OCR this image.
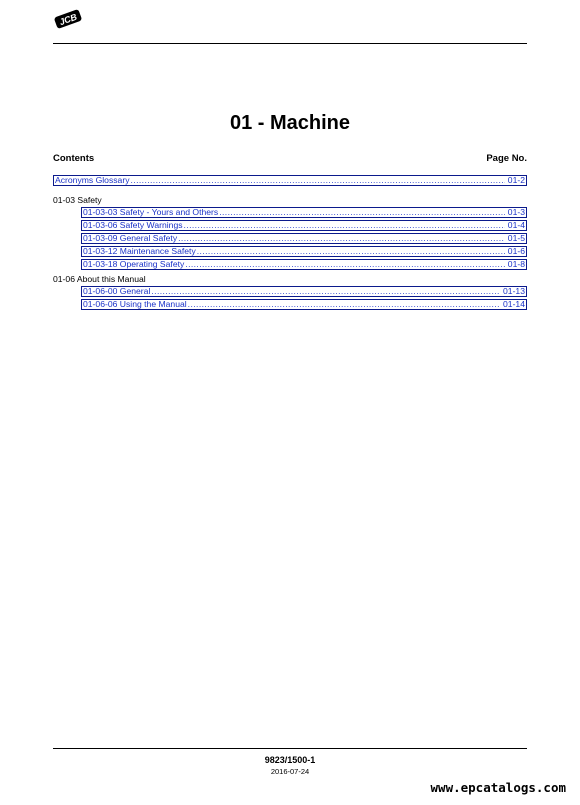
JCB
01 - Machine
Contents	Page No.
Acronyms Glossary .....	01-2
01-03 Safety
01-03-03 Safety - Yours and Others .....	01-3
01-03-06 Safety Warnings .....	01-4
01-03-09 General Safety .....	01-5
01-03-12 Maintenance Safety .....	01-6
01-03-18 Operating Safety .....	01-8
01-06 About this Manual
01-06-00 General .....	01-13
01-06-06 Using the Manual .....	01-14
9823/1500-1
2016-07-24
www.epcatalogs.com
